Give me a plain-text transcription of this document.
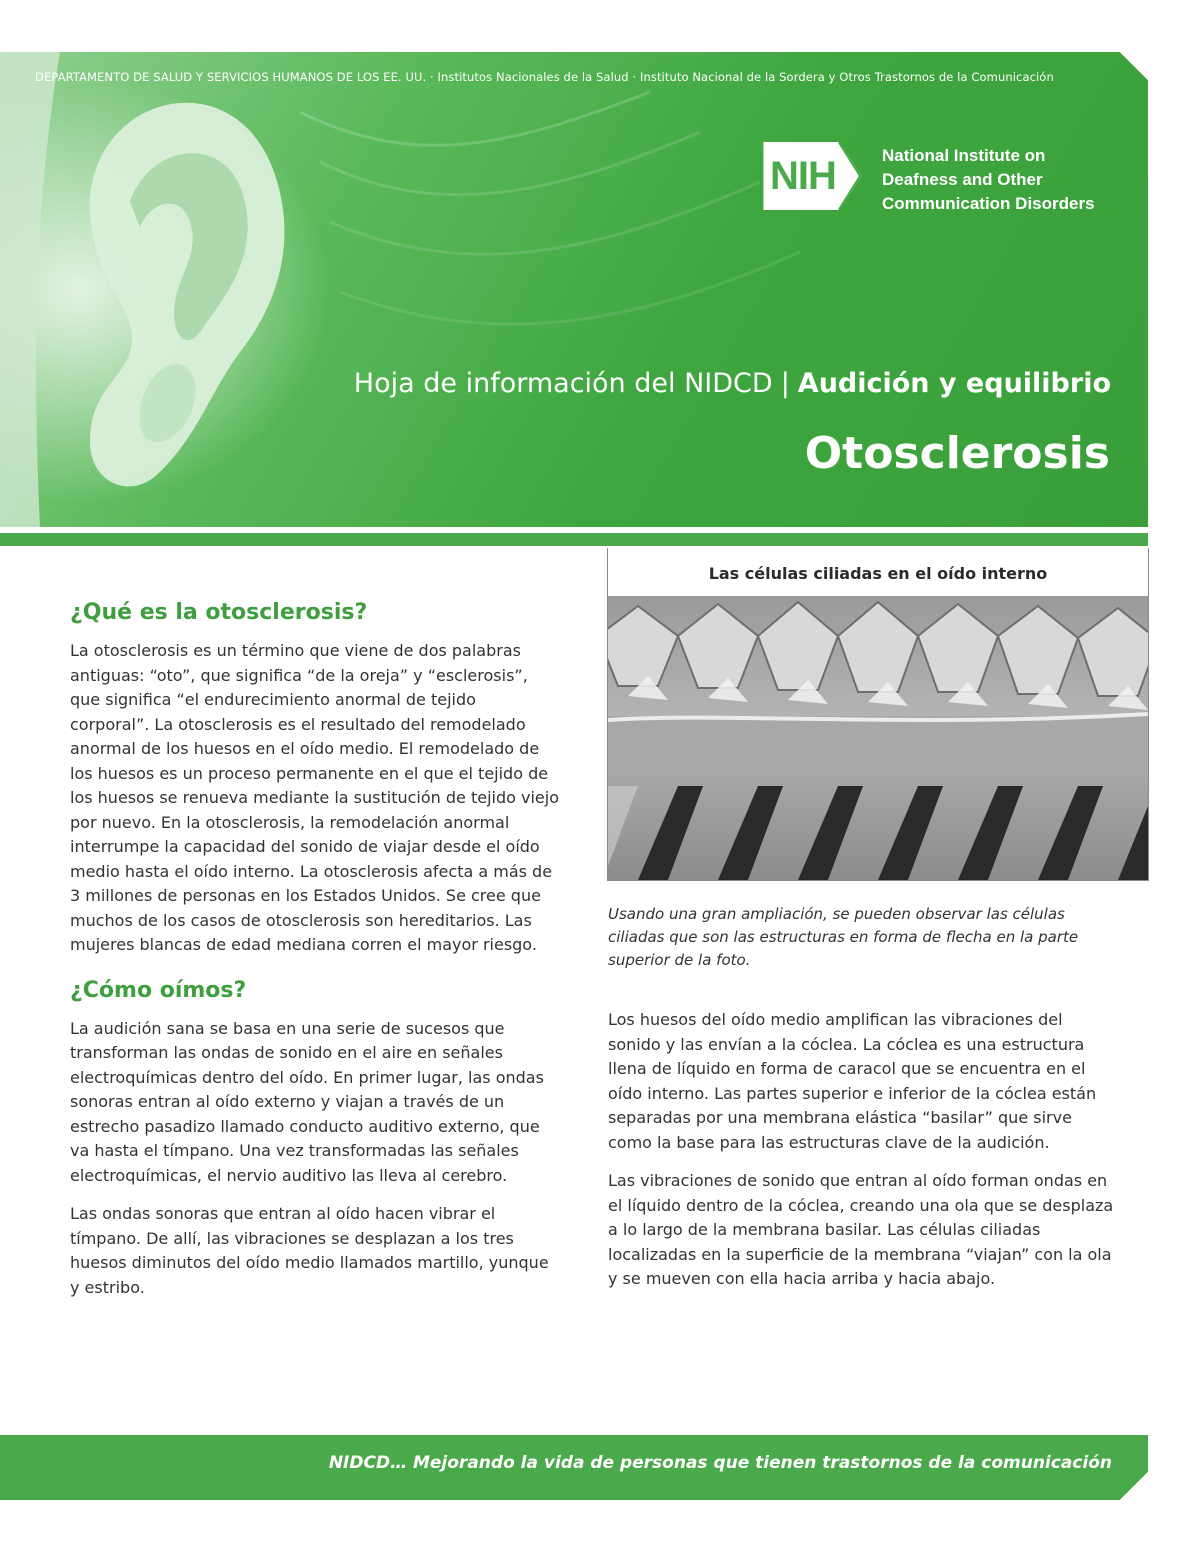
DEPARTAMENTO DE SALUD Y SERVICIOS HUMANOS DE LOS EE. UU. · Institutos Nacionales de la Salud · Instituto Nacional de la Sordera y Otros Trastornos de la Comunicación
NIH	National Institute on
Deafness and Other
Communication Disorders
Hoja de información del NIDCD | Audición y equilibrio
Otosclerosis
¿Qué es la otosclerosis?

La otosclerosis es un término que viene de dos palabras antiguas: “oto”, que significa “de la oreja” y “esclerosis”, que significa “el endurecimiento anormal de tejido corporal”. La otosclerosis es el resultado del remodelado anormal de los huesos en el oído medio. El remodelado de los huesos es un proceso permanente en el que el tejido de los huesos se renueva mediante la sustitución de tejido viejo por nuevo. En la otosclerosis, la remodelación anormal interrumpe la capacidad del sonido de viajar desde el oído medio hasta el oído interno. La otosclerosis afecta a más de 3 millones de personas en los Estados Unidos. Se cree que muchos de los casos de otosclerosis son hereditarios. Las mujeres blancas de edad mediana corren el mayor riesgo.

¿Cómo oímos?

La audición sana se basa en una serie de sucesos que transforman las ondas de sonido en el aire en señales electroquímicas dentro del oído. En primer lugar, las ondas sonoras entran al oído externo y viajan a través de un estrecho pasadizo llamado conducto auditivo externo, que va hasta el tímpano. Una vez transformadas las señales electroquímicas, el nervio auditivo las lleva al cerebro.

Las ondas sonoras que entran al oído hacen vibrar el tímpano. De allí, las vibraciones se desplazan a los tres huesos diminutos del oído medio llamados martillo, yunque y estribo.

Las células ciliadas en el oído interno
Usando una gran ampliación, se pueden observar las células ciliadas que son las estructuras en forma de flecha en la parte superior de la foto.

Los huesos del oído medio amplifican las vibraciones del sonido y las envían a la cóclea. La cóclea es una estructura llena de líquido en forma de caracol que se encuentra en el oído interno. Las partes superior e inferior de la cóclea están separadas por una membrana elástica “basilar” que sirve como la base para las estructuras clave de la audición.

Las vibraciones de sonido que entran al oído forman ondas en el líquido dentro de la cóclea, creando una ola que se desplaza a lo largo de la membrana basilar. Las células ciliadas localizadas en la superficie de la membrana “viajan” con la ola y se mueven con ella hacia arriba y hacia abajo.

NIDCD… Mejorando la vida de personas que tienen trastornos de la comunicación
